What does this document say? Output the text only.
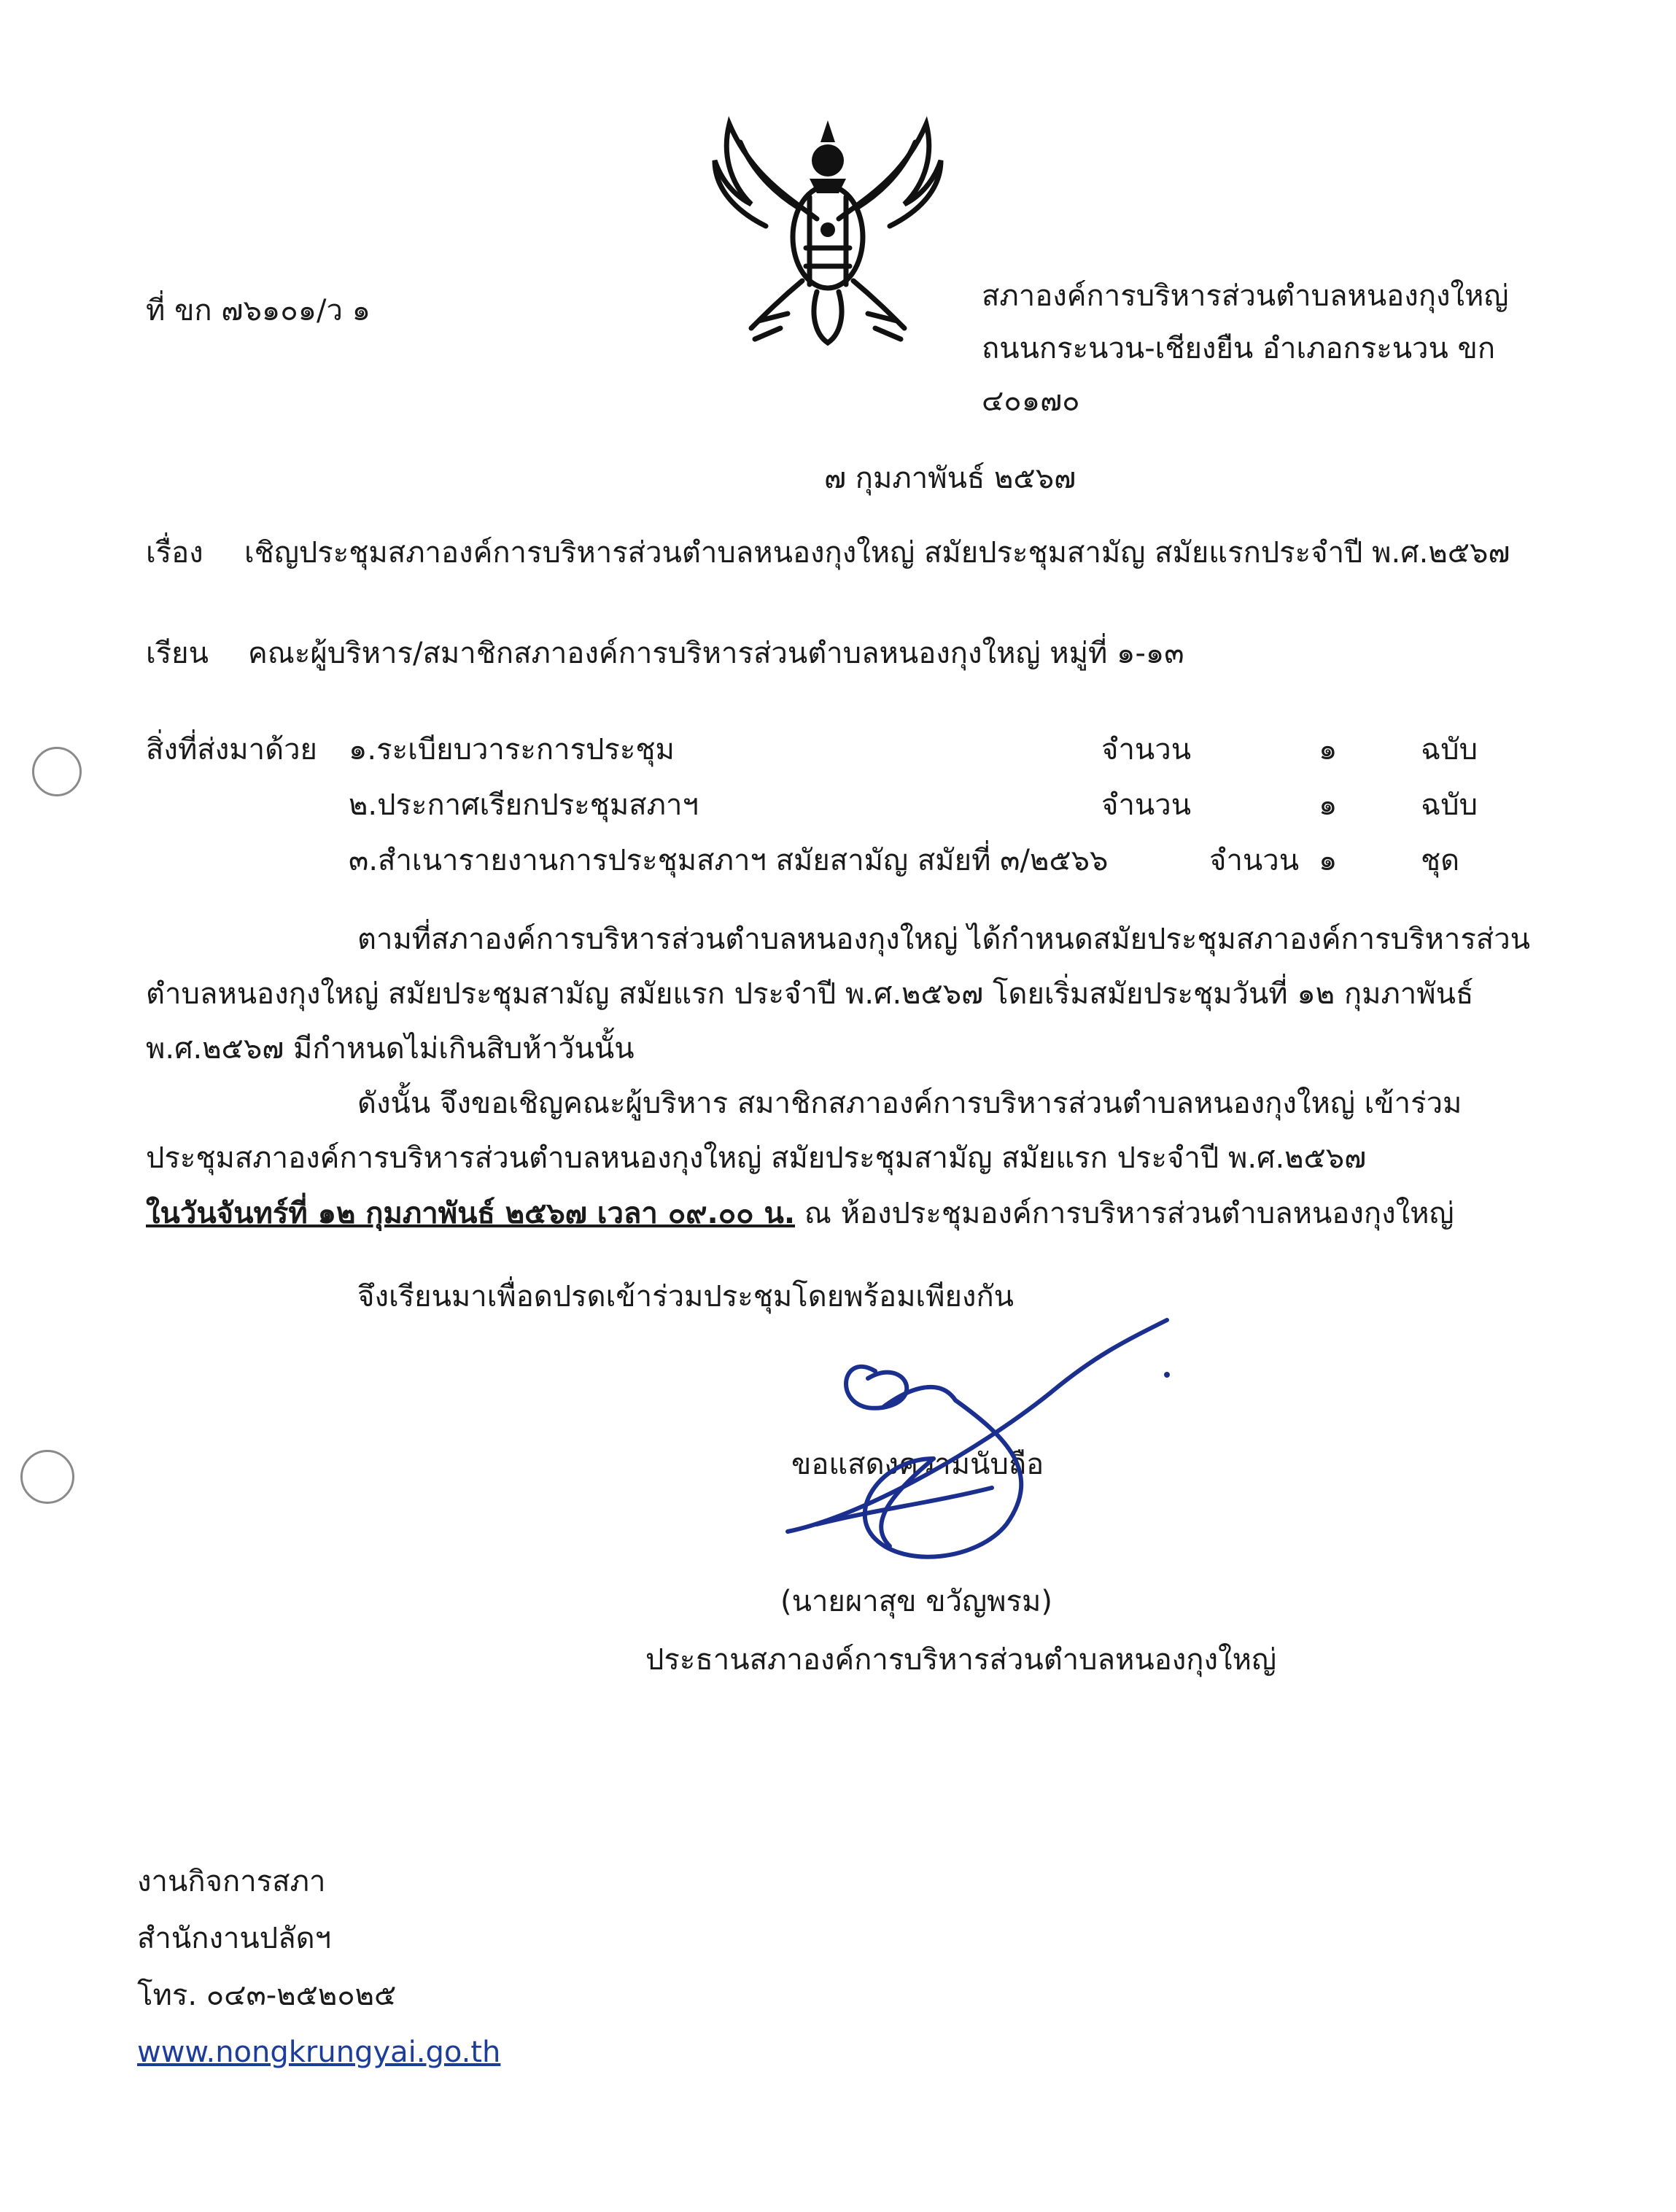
ที่ ขก ๗๖๑๐๑/ว ๑	สภาองค์การบริหารส่วนตำบลหนองกุงใหญ่
ถนนกระนวน-เชียงยืน อำเภอกระนวน ขก
๔๐๑๗๐
๗ กุมภาพันธ์ ๒๕๖๗
เรื่อง เชิญประชุมสภาองค์การบริหารส่วนตำบลหนองกุงใหญ่ สมัยประชุมสามัญ สมัยแรกประจำปี พ.ศ.๒๕๖๗
เรียน คณะผู้บริหาร/สมาชิกสภาองค์การบริหารส่วนตำบลหนองกุงใหญ่ หมู่ที่ ๑-๑๓
สิ่งที่ส่งมาด้วย ๑.ระเบียบวาระการประชุม	จำนวน	๑	ฉบับ
๒.ประกาศเรียกประชุมสภาฯ	จำนวน	๑	ฉบับ
๓.สำเนารายงานการประชุมสภาฯ สมัยสามัญ สมัยที่ ๓/๒๕๖๖	จำนวน ๑	ชุด
ตามที่สภาองค์การบริหารส่วนตำบลหนองกุงใหญ่ ได้กำหนดสมัยประชุมสภาองค์การบริหารส่วน
ตำบลหนองกุงใหญ่ สมัยประชุมสามัญ สมัยแรก ประจำปี พ.ศ.๒๕๖๗ โดยเริ่มสมัยประชุมวันที่ ๑๒ กุมภาพันธ์
พ.ศ.๒๕๖๗ มีกำหนดไม่เกินสิบห้าวันนั้น
ดังนั้น จึงขอเชิญคณะผู้บริหาร สมาชิกสภาองค์การบริหารส่วนตำบลหนองกุงใหญ่ เข้าร่วม
ประชุมสภาองค์การบริหารส่วนตำบลหนองกุงใหญ่ สมัยประชุมสามัญ สมัยแรก ประจำปี พ.ศ.๒๕๖๗
ในวันจันทร์ที่ ๑๒ กุมภาพันธ์ ๒๕๖๗ เวลา ๐๙.๐๐ น. ณ ห้องประชุมองค์การบริหารส่วนตำบลหนองกุงใหญ่
จึงเรียนมาเพื่อดปรดเข้าร่วมประชุมโดยพร้อมเพียงกัน
ขอแสดงความนับถือ
(นายผาสุข ขวัญพรม)
ประธานสภาองค์การบริหารส่วนตำบลหนองกุงใหญ่
งานกิจการสภา
สำนักงานปลัดฯ
โทร. ๐๔๓-๒๕๒๐๒๕
www.nongkrungyai.go.th
